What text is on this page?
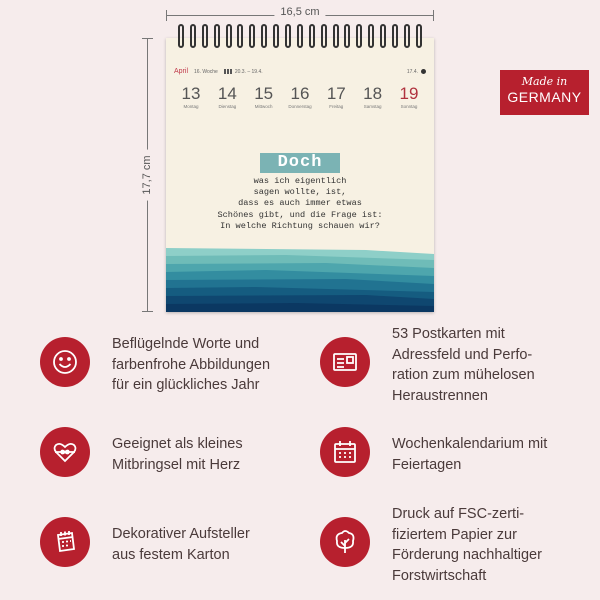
16,5 cm
17,7 cm
April 16. Woche	20.3. – 19.4.	17.4.
13
Montag
14
Dienstag
15
Mittwoch
16
Donnerstag
17
Freitag
18
Samstag
19
Sonntag
Doch
was ich eigentlich
sagen wollte, ist,
dass es auch immer etwas
Schönes gibt, und die Frage ist:
In welche Richtung schauen wir?
Made in
GERMANY
Beflügelnde Worte und
farbenfrohe Abbildungen
für ein glückliches Jahr
53 Postkarten mit
Adressfeld und Perfo-
ration zum mühelosen
Heraustrennen
Geeignet als kleines
Mitbringsel mit Herz
Wochenkalendarium mit
Feiertagen
Dekorativer Aufsteller
aus festem Karton
Druck auf FSC-zerti-
fiziertem Papier zur
Förderung nachhaltiger
Forstwirtschaft
